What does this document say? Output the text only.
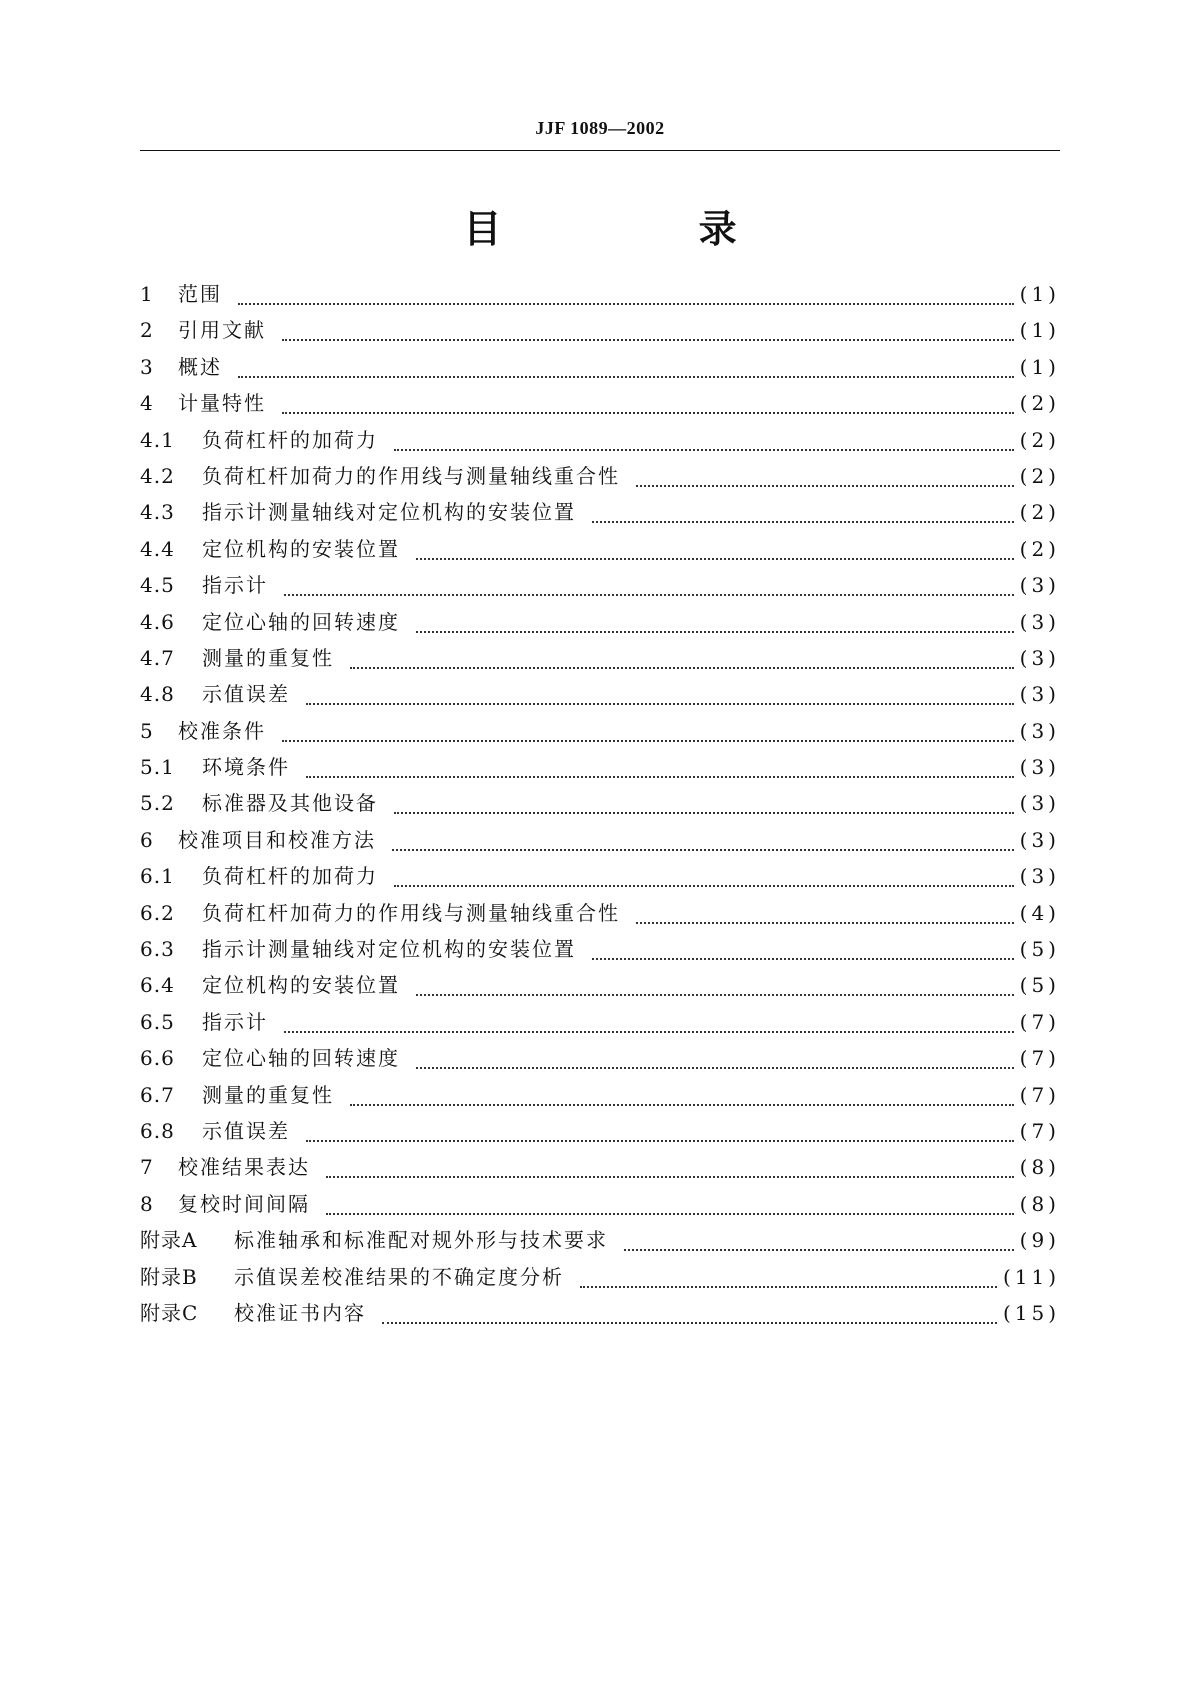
JJF 1089—2002
目 录
1	范围	(1)
2	引用文献	(1)
3	概述	(1)
4	计量特性	(2)
4.1	负荷杠杆的加荷力	(2)
4.2	负荷杠杆加荷力的作用线与测量轴线重合性	(2)
4.3	指示计测量轴线对定位机构的安装位置	(2)
4.4	定位机构的安装位置	(2)
4.5	指示计	(3)
4.6	定位心轴的回转速度	(3)
4.7	测量的重复性	(3)
4.8	示值误差	(3)
5	校准条件	(3)
5.1	环境条件	(3)
5.2	标准器及其他设备	(3)
6	校准项目和校准方法	(3)
6.1	负荷杠杆的加荷力	(3)
6.2	负荷杠杆加荷力的作用线与测量轴线重合性	(4)
6.3	指示计测量轴线对定位机构的安装位置	(5)
6.4	定位机构的安装位置	(5)
6.5	指示计	(7)
6.6	定位心轴的回转速度	(7)
6.7	测量的重复性	(7)
6.8	示值误差	(7)
7	校准结果表达	(8)
8	复校时间间隔	(8)
附录A	标准轴承和标准配对规外形与技术要求	(9)
附录B	示值误差校准结果的不确定度分析	(11)
附录C	校准证书内容	(15)
